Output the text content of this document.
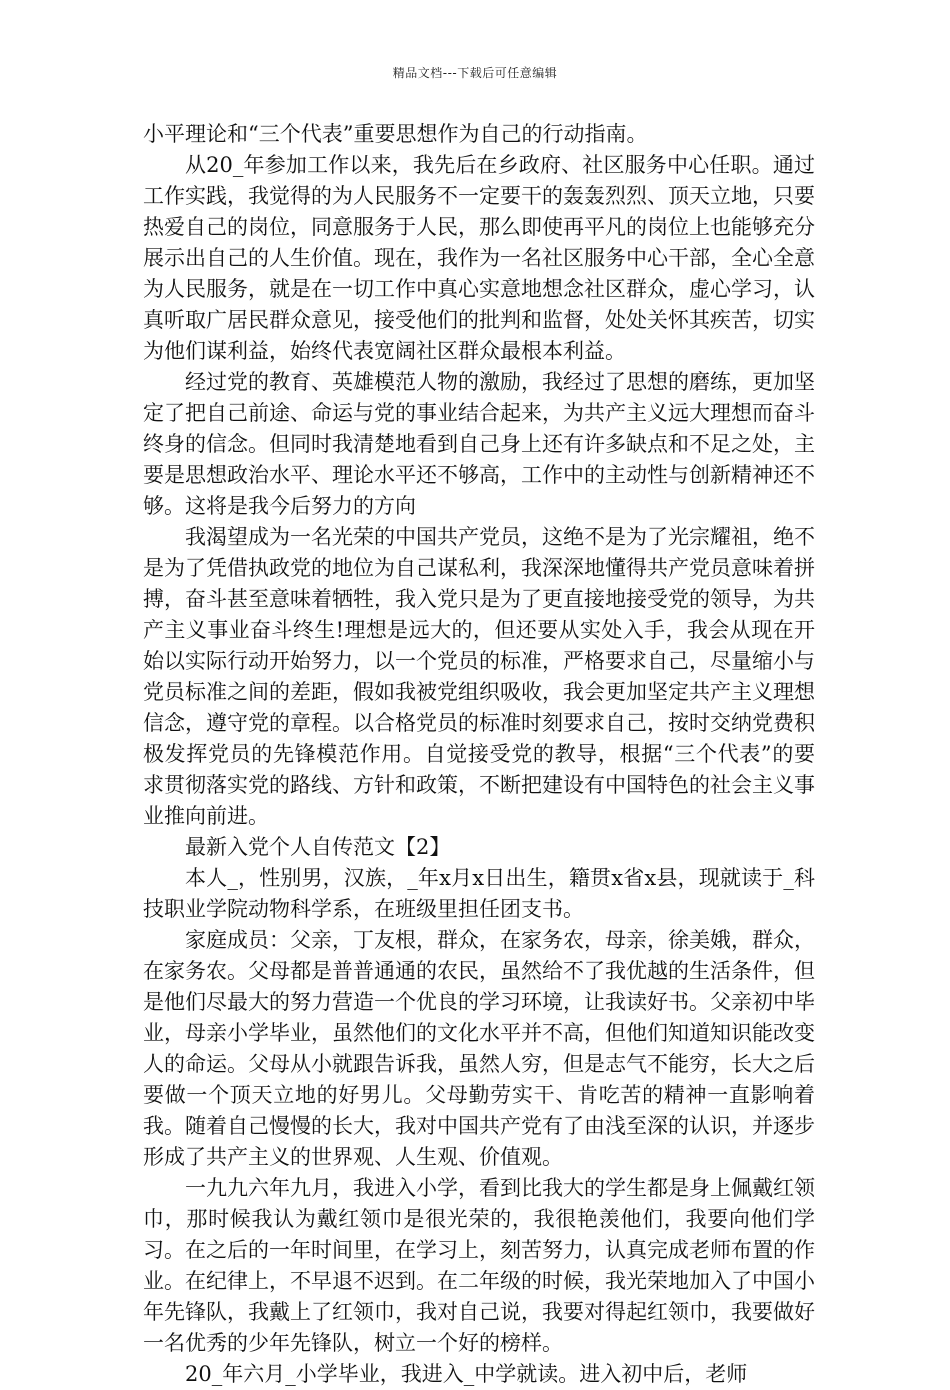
精品文档---下载后可任意编辑

小平理论和“三个代表”重要思想作为自己的行动指南。

从20_年参加工作以来，我先后在乡政府、社区服务中心任职。通过工作实践，我觉得的为人民服务不一定要干的轰轰烈烈、顶天立地，只要热爱自己的岗位，同意服务于人民，那么即使再平凡的岗位上也能够充分展示出自己的人生价值。现在，我作为一名社区服务中心干部，全心全意为人民服务，就是在一切工作中真心实意地想念社区群众，虚心学习，认真听取广居民群众意见，接受他们的批判和监督，处处关怀其疾苦，切实为他们谋利益，始终代表宽阔社区群众最根本利益。

经过党的教育、英雄模范人物的激励，我经过了思想的磨练，更加坚定了把自己前途、命运与党的事业结合起来，为共产主义远大理想而奋斗终身的信念。但同时我清楚地看到自己身上还有许多缺点和不足之处，主要是思想政治水平、理论水平还不够高，工作中的主动性与创新精神还不够。这将是我今后努力的方向

我渴望成为一名光荣的中国共产党员，这绝不是为了光宗耀祖，绝不是为了凭借执政党的地位为自己谋私利，我深深地懂得共产党员意味着拼搏，奋斗甚至意味着牺牲，我入党只是为了更直接地接受党的领导，为共产主义事业奋斗终生!理想是远大的，但还要从实处入手，我会从现在开始以实际行动开始努力，以一个党员的标准，严格要求自己，尽量缩小与党员标准之间的差距，假如我被党组织吸收，我会更加坚定共产主义理想信念，遵守党的章程。以合格党员的标准时刻要求自己，按时交纳党费积极发挥党员的先锋模范作用。自觉接受党的教导，根据“三个代表”的要求贯彻落实党的路线、方针和政策，不断把建设有中国特色的社会主义事业推向前进。

最新入党个人自传范文【2】

本人_，性别男，汉族，_年x月x日出生，籍贯x省x县，现就读于_科技职业学院动物科学系，在班级里担任团支书。

家庭成员：父亲，丁友根，群众，在家务农，母亲，徐美娥，群众，在家务农。父母都是普普通通的农民，虽然给不了我优越的生活条件，但是他们尽最大的努力营造一个优良的学习环境，让我读好书。父亲初中毕业，母亲小学毕业，虽然他们的文化水平并不高，但他们知道知识能改变人的命运。父母从小就跟告诉我，虽然人穷，但是志气不能穷，长大之后要做一个顶天立地的好男儿。父母勤劳实干、肯吃苦的精神一直影响着我。随着自己慢慢的长大，我对中国共产党有了由浅至深的认识，并逐步形成了共产主义的世界观、人生观、价值观。

一九九六年九月，我进入小学，看到比我大的学生都是身上佩戴红领巾，那时候我认为戴红领巾是很光荣的，我很艳羡他们，我要向他们学习。在之后的一年时间里，在学习上，刻苦努力，认真完成老师布置的作业。在纪律上，不早退不迟到。在二年级的时候，我光荣地加入了中国小年先锋队，我戴上了红领巾，我对自己说，我要对得起红领巾，我要做好一名优秀的少年先锋队，树立一个好的榜样。

20_年六月_小学毕业，我进入_中学就读。进入初中后，老师
